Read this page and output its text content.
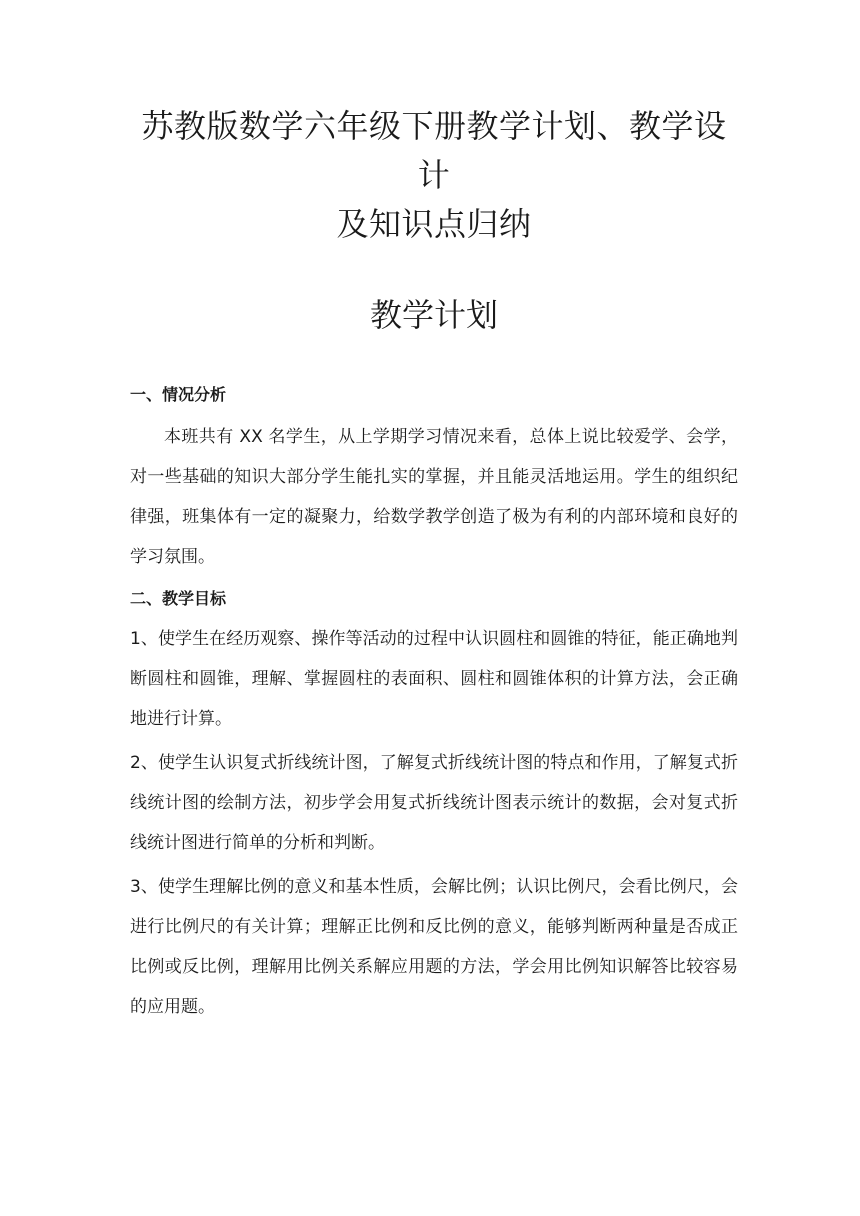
苏教版数学六年级下册教学计划、教学设计
及知识点归纳
教学计划
一、情况分析

本班共有 XX 名学生，从上学期学习情况来看，总体上说比较爱学、会学，对一些基础的知识大部分学生能扎实的掌握，并且能灵活地运用。学生的组织纪律强，班集体有一定的凝聚力，给数学教学创造了极为有利的内部环境和良好的学习氛围。

二、教学目标

1、使学生在经历观察、操作等活动的过程中认识圆柱和圆锥的特征，能正确地判断圆柱和圆锥，理解、掌握圆柱的表面积、圆柱和圆锥体积的计算方法，会正确地进行计算。

2、使学生认识复式折线统计图，了解复式折线统计图的特点和作用，了解复式折线统计图的绘制方法，初步学会用复式折线统计图表示统计的数据，会对复式折线统计图进行简单的分析和判断。

3、使学生理解比例的意义和基本性质，会解比例；认识比例尺，会看比例尺，会进行比例尺的有关计算；理解正比例和反比例的意义，能够判断两种量是否成正比例或反比例，理解用比例关系解应用题的方法，学会用比例知识解答比较容易的应用题。
